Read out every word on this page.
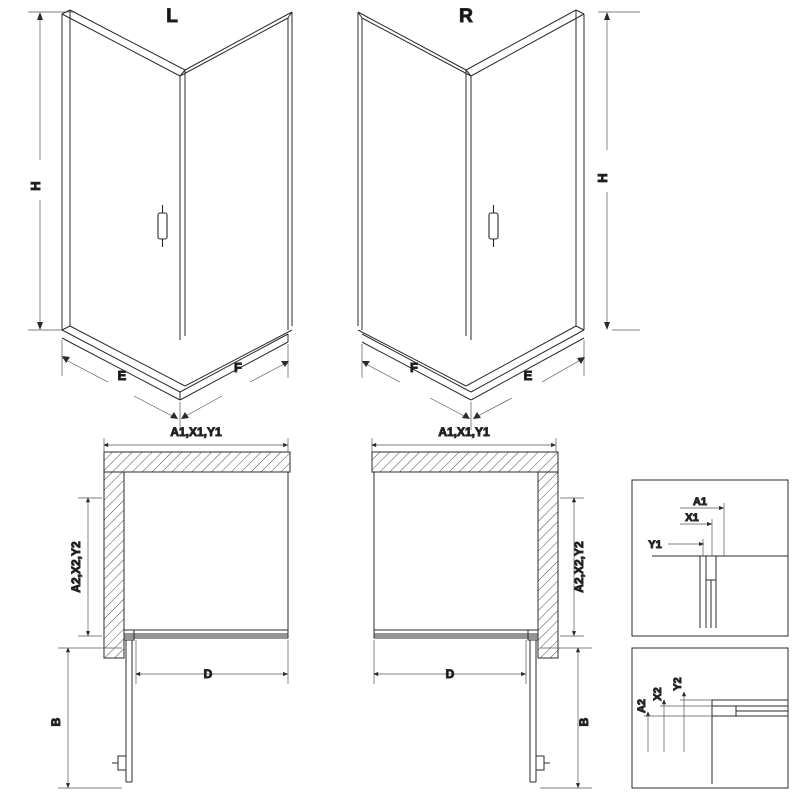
H
E
F
L
H
F
E
R
A1,X1,Y1
A2,X2,Y2
D
B
A1,X1,Y1
A2,X2,Y2
D
B
A1
X1
Y1
A2
X2
Y2
